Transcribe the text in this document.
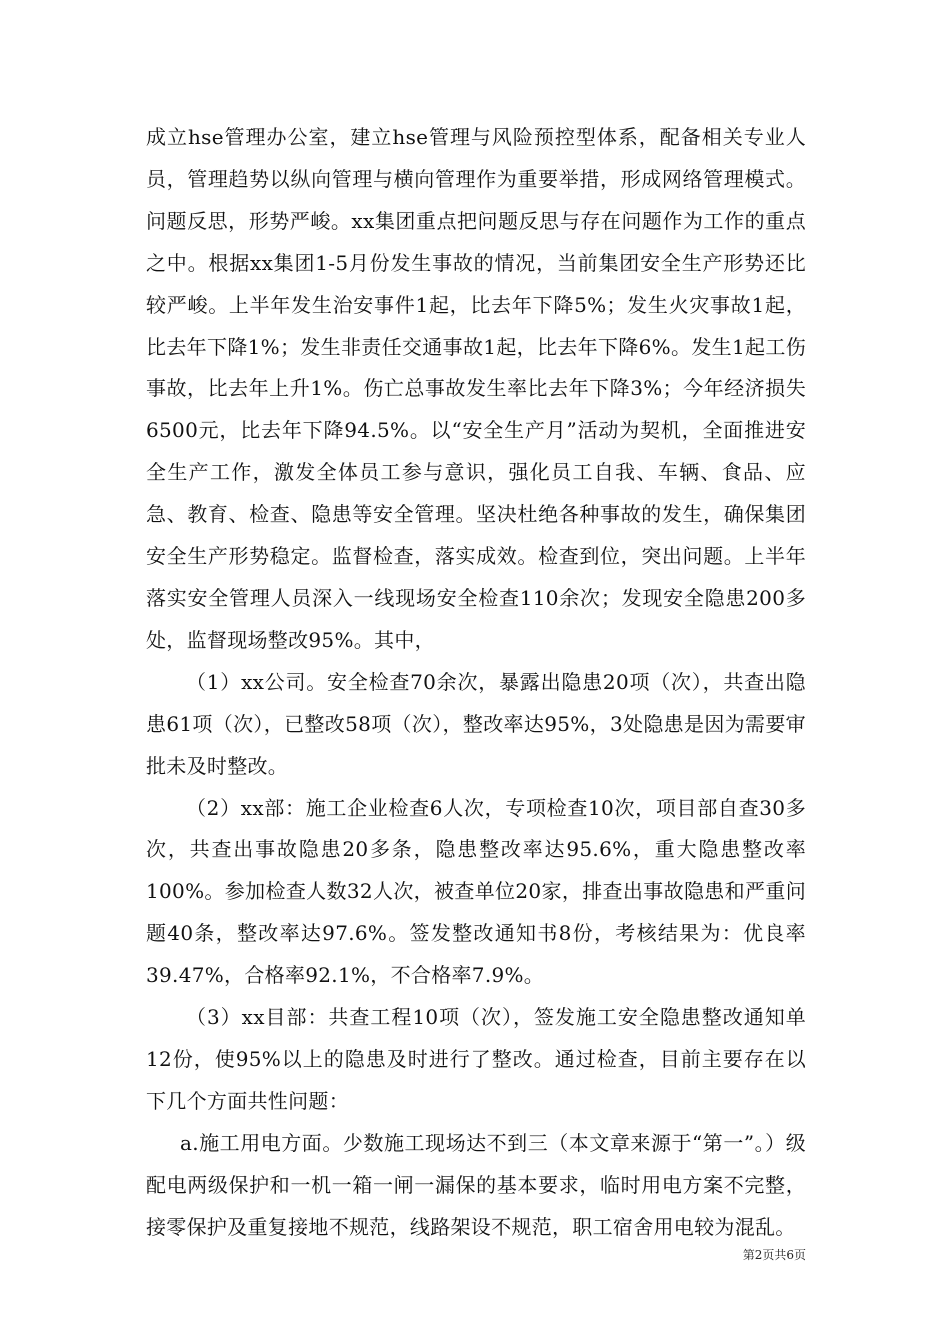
成立hse管理办公室，建立hse管理与风险预控型体系，配备相关专业人员，管理趋势以纵向管理与横向管理作为重要举措，形成网络管理模式。问题反思，形势严峻。xx集团重点把问题反思与存在问题作为工作的重点之中。根据xx集团1-5月份发生事故的情况，当前集团安全生产形势还比较严峻。上半年发生治安事件1起，比去年下降5%；发生火灾事故1起，比去年下降1%；发生非责任交通事故1起，比去年下降6%。发生1起工伤事故，比去年上升1%。伤亡总事故发生率比去年下降3%；今年经济损失6500元，比去年下降94.5%。以“安全生产月”活动为契机，全面推进安全生产工作，激发全体员工参与意识，强化员工自我、车辆、食品、应急、教育、检查、隐患等安全管理。坚决杜绝各种事故的发生，确保集团安全生产形势稳定。监督检查，落实成效。检查到位，突出问题。上半年落实安全管理人员深入一线现场安全检查110余次；发现安全隐患200多处，监督现场整改95%。其中，

（1）xx公司。安全检查70余次，暴露出隐患20项（次），共查出隐患61项（次），已整改58项（次），整改率达95%，3处隐患是因为需要审批未及时整改。

（2）xx部：施工企业检查6人次，专项检查10次，项目部自查30多次，共查出事故隐患20多条，隐患整改率达95.6%，重大隐患整改率100%。参加检查人数32人次，被查单位20家，排查出事故隐患和严重问题40条，整改率达97.6%。签发整改通知书8份，考核结果为：优良率39.47%，合格率92.1%，不合格率7.9%。

（3）xx目部：共查工程10项（次），签发施工安全隐患整改通知单12份，使95%以上的隐患及时进行了整改。通过检查，目前主要存在以下几个方面共性问题：

a.施工用电方面。少数施工现场达不到三（本文章来源于“第一”。）级配电两级保护和一机一箱一闸一漏保的基本要求，临时用电方案不完整，接零保护及重复接地不规范，线路架设不规范，职工宿舍用电较为混乱。

第2页共6页
